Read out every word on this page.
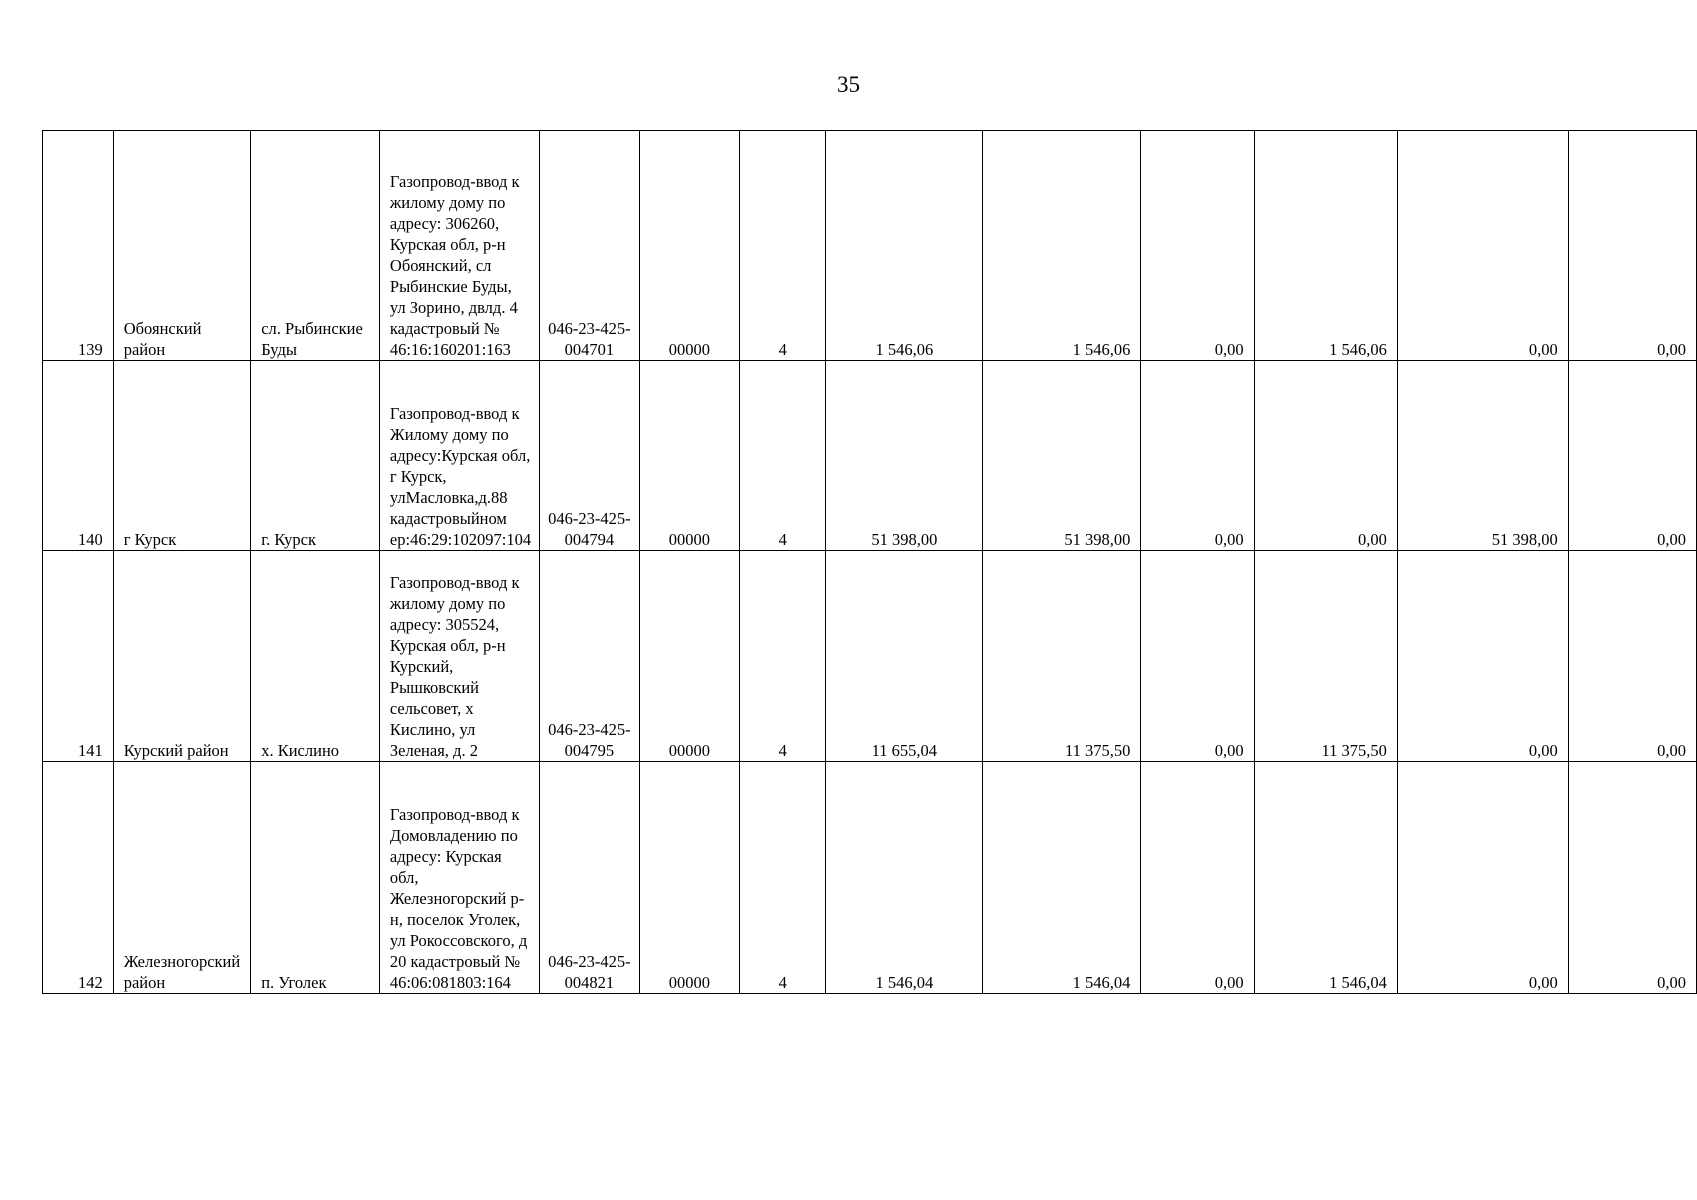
35
139	Обоянский район	сл. Рыбинские Буды	Газопровод-ввод к жилому дому по адресу: 306260, Курская обл, р-н Обоянский, сл Рыбинские Буды, ул Зорино, двлд. 4 кадастровый № 46:16:160201:163	046-23-425-004701	00000	4	1 546,06	1 546,06	0,00	1 546,06	0,00	0,00
140	г Курск	г. Курск	Газопровод-ввод к Жилому дому по адресу:Курская обл, г Курск, улМасловка,д.88 кадастровыйном ер:46:29:102097:104	046-23-425-004794	00000	4	51 398,00	51 398,00	0,00	0,00	51 398,00	0,00
141	Курский район	х. Кислино	Газопровод-ввод к жилому дому по адресу: 305524, Курская обл, р-н Курский, Рышковский сельсовет, х Кислино, ул Зеленая, д. 2	046-23-425-004795	00000	4	11 655,04	11 375,50	0,00	11 375,50	0,00	0,00
142	Железногорский район	п. Уголек	Газопровод-ввод к Домовладению по адресу: Курская обл, Железногорский р-н, поселок Уголек, ул Рокоссовского, д 20 кадастровый № 46:06:081803:164	046-23-425-004821	00000	4	1 546,04	1 546,04	0,00	1 546,04	0,00	0,00
